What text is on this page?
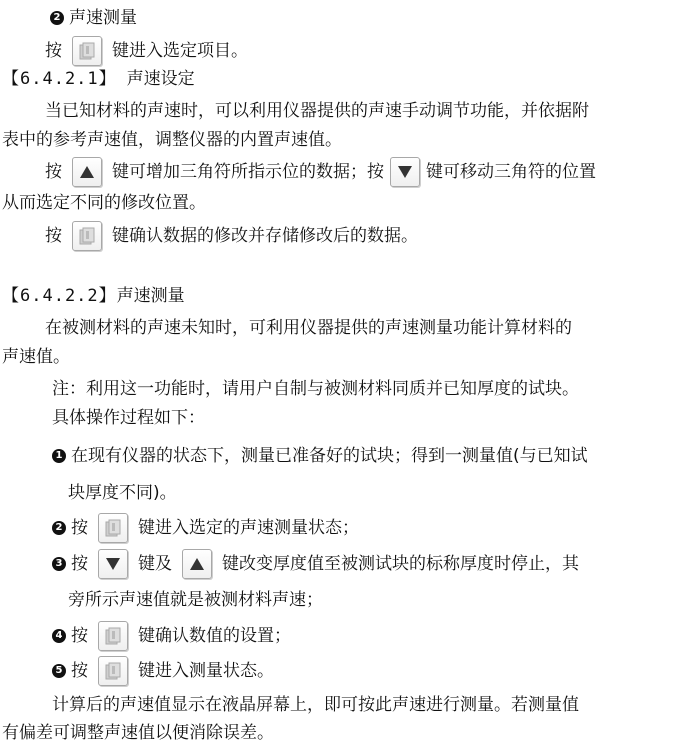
2 声速测量
按	键进入选定项目。
【6.4.2.1】 声速设定
当已知材料的声速时，可以利用仪器提供的声速手动调节功能，并依据附
表中的参考声速值，调整仪器的内置声速值。
按	键可增加三角符所指示位的数据；按 键可移动三角符的位置
从而选定不同的修改位置。
按	键确认数据的修改并存储修改后的数据。
【6.4.2.2】 声速测量
在被测材料的声速未知时，可利用仪器提供的声速测量功能计算材料的
声速值。
注：利用这一功能时，请用户自制与被测材料同质并已知厚度的试块。
具体操作过程如下：
1 在现有仪器的状态下，测量已准备好的试块；得到一测量值(与已知试
块厚度不同)。
2 按	键进入选定的声速测量状态；
3 按	键及	键改变厚度值至被测试块的标称厚度时停止，其
旁所示声速值就是被测材料声速；
4 按	键确认数值的设置；
5 按	键进入测量状态。
计算后的声速值显示在液晶屏幕上，即可按此声速进行测量。若测量值
有偏差可调整声速值以便消除误差。
